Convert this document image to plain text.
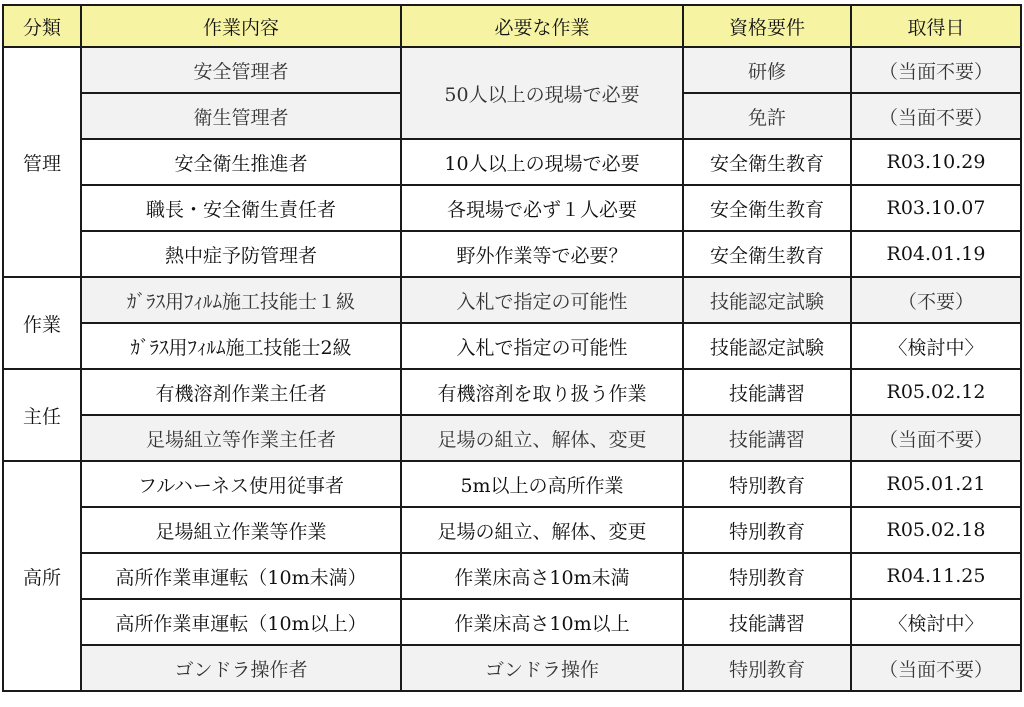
分類	作業内容	必要な作業	資格要件	取得日
管理	安全管理者	50人以上の現場で必要	研修	（当面不要）
	衛生管理者		免許	（当面不要）
	安全衛生推進者	10人以上の現場で必要	安全衛生教育	R03.10.29
	職長・安全衛生責任者	各現場で必ず１人必要	安全衛生教育	R03.10.07
	熱中症予防管理者	野外作業等で必要？	安全衛生教育	R04.01.19
作業	ｶﾞﾗｽ用ﾌｨﾙﾑ施工技能士１級	入札で指定の可能性	技能認定試験	（不要）
	ｶﾞﾗｽ用ﾌｨﾙﾑ施工技能士2級	入札で指定の可能性	技能認定試験	〈検討中〉
主任	有機溶剤作業主任者	有機溶剤を取り扱う作業	技能講習	R05.02.12
	足場組立等作業主任者	足場の組立、解体、変更	技能講習	（当面不要）
高所	フルハーネス使用従事者	5m以上の高所作業	特別教育	R05.01.21
	足場組立作業等作業	足場の組立、解体、変更	特別教育	R05.02.18
	高所作業車運転（10m未満）	作業床高さ10m未満	特別教育	R04.11.25
	高所作業車運転（10m以上）	作業床高さ10m以上	技能講習	〈検討中〉
	ゴンドラ操作者	ゴンドラ操作	特別教育	（当面不要）
